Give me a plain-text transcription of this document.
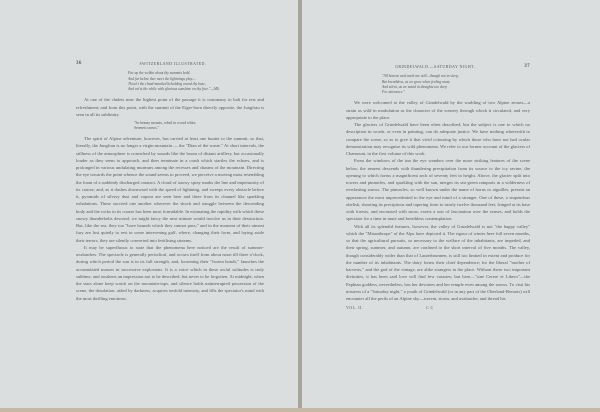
36	SWITZERLAND ILLUSTRATED.
Far up the welkin about thy summits bold,
And far below thee meet the lightnings play—
Thou'rt the cloud-mantled beholding round thy base,
And art'st the while with glorious sunshine on thy face."—MS.

At one of the chalets near the highest point of the passage it is customary to halt for rest and refreshment; and from this point, with the summit of the Eiger-horn directly opposite, the Jungfrau is seen in all its sublimity.

"So beauty mounts, robed in crowd white,
Serenest snows."

The spirit of Alpine adventure, however, has carried at least one hunter to the summit, so that, literally, the Jungfrau is no longer a virgin mountain — the "Dian of the waste." At short intervals, the stillness of the atmosphere is convulsed by sounds like the boom of distant artillery, but occasionally louder as they seem to approach, and then terminate in a crash which startles the echoes, and is prolonged in various undulating murmurs among the recesses and chasms of the mountain. Directing the eye towards the point whence the sound seems to proceed, we perceive a moving mass resembling the foam of a suddenly discharged cataract. A cloud of snowy spray marks the line and impetuosity of its course, and, as it dashes downward with the speed of lightning, and sweeps every obstacle before it, pyramids of silvery dust and vapour are seen here and there from its channel like sparkling exhalations. These succeed one another wherever the shock and struggle between the descending body and the rocks in its course has been most formidable. In estimating the rapidity with which these snowy thunderbolts descend, we might fancy the next minute would involve us in their destruction. But, like the sea, they too "have bounds which they cannot pass;" and in the moment of their utmost fury are lost quietly to rest in some intervening gulf, where, changing their form, and laying aside their terrors, they are silently converted into fertilising streams.

It may be superfluous to state that the phenomena here noticed are the result of summer-avalanches. The spectacle is generally periodical, and occurs itself from about noon till three o'clock, during which period the sun is in its full strength, and, loosening their "frozen bonds," launches the accumulated masses in successive explosions. It is a voice which in these awful solitudes is truly sublime, and awakens an impression not to be described, but never to be forgotten. At midnight, when the stars alone keep watch on the mountain-tops, and silence holds uninterrupted possession of the scene, the desolation, aided by darkness, acquires tenfold intensity, and fills the spectator's mind with the most thrilling emotions.

GRINDELWALD.—SATURDAY NIGHT.	37
"All heaven and earth are still—though not in sleep,
But breathless, as we grow when feeling most;
And silent, as we stand in thoughts too deep
For utterance."

We were welcomed to the valley of Grindelwald by the warbling of two Alpine zeuses—a strain as wild in modulation as the character of the scenery through which it circulated, and very appropriate to the place.

The glaciers of Grindelwald have been often described; but the subject is one to which no description in words, or even in painting, can do adequate justice. We have nothing wherewith to compare the scene, so as to give it that vivid colouring by which those who have not had ocular demonstration may recognise its wild phenomena. We refer to our former account of the glaciers of Chamouni, in the first volume of this work.

From the windows of the inn the eye wanders over the more striking features of the scene below, the nearest descends with thundering precipitation from its source to the icy ravine, the opening to which forms a magnificent arch of seventy feet in height. Above, the glacier split into towers and pinnacles, and sparkling with the sun, merges its sea-green ramparts in a wilderness of everlasting snows. The pinnacles, so well known under the name of horns or aiguilles, present an appearance the most unprecedented to the eye and mind of a stranger. One of these, a stupendous obelisk, shooting its precipitous and tapering form to nearly twelve thousand feet, fringed at its base with forests, and encrusted with snow, exerts a sort of fascination over the senses, and holds the spectator for a time in mute and breathless contemplation.

With all its splendid features, however, the valley of Grindelwald is not "the happy valley" which the "Misanthrope" of the Alps have depicted it. The rigour of winter here full seven months, so that the agricultural pursuits, so necessary to the welfare of the inhabitants, are impeded, and their spring, summer, and autumn, are confined to the short interval of five months. The valley, though considerably wider than that of Lauterbrunnen, is still too limited in extent and produce for the number of its inhabitants. The dairy forms their chief dependence; for the liberal "mother of harvests," and the god of the vintage, are alike strangers in the place. Without these two important divinities, it has been said love will find few votaries; but here—"sine Cerere et Libero"—the Paphian goddess, nevertheless, has her devotees and her temple even among the snows. To visit his mistress of a "Saturday night," a youth of Grindelwald (or in any part of the Oberland-Bernois) will encounter all the perils of an Alpine sky—torrent, storm, and avalanche; and thread his

VOL. II.	C C
